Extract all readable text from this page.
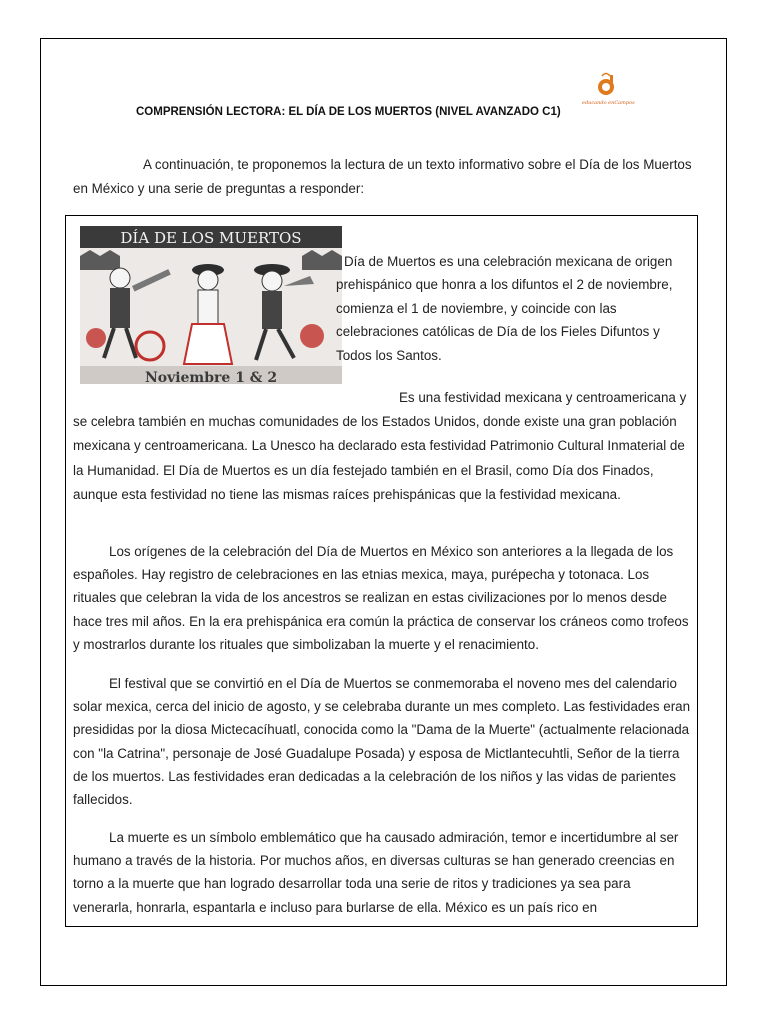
educando enCampos
COMPRENSIÓN LECTORA: EL DÍA DE LOS MUERTOS (NIVEL AVANZADO C1)

A continuación, te proponemos la lectura de un texto informativo sobre el Día de los Muertos en México y una serie de preguntas a responder:

DÍA DE LOS MUERTOS
Noviembre 1 & 2

Día de Muertos es una celebración mexicana de origen prehispánico que honra a los difuntos el 2 de noviembre, comienza el 1 de noviembre, y coincide con las celebraciones católicas de Día de los Fieles Difuntos y Todos los Santos.

Es una festividad mexicana y centroamericana y se celebra también en muchas comunidades de los Estados Unidos, donde existe una gran población mexicana y centroamericana. La Unesco ha declarado esta festividad Patrimonio Cultural Inmaterial de la Humanidad. El Día de Muertos es un día festejado también en el Brasil, como Día dos Finados, aunque esta festividad no tiene las mismas raíces prehispánicas que la festividad mexicana.

Los orígenes de la celebración del Día de Muertos en México son anteriores a la llegada de los españoles. Hay registro de celebraciones en las etnias mexica, maya, purépecha y totonaca. Los rituales que celebran la vida de los ancestros se realizan en estas civilizaciones por lo menos desde hace tres mil años. En la era prehispánica era común la práctica de conservar los cráneos como trofeos y mostrarlos durante los rituales que simbolizaban la muerte y el renacimiento.

El festival que se convirtió en el Día de Muertos se conmemoraba el noveno mes del calendario solar mexica, cerca del inicio de agosto, y se celebraba durante un mes completo. Las festividades eran presididas por la diosa Mictecacíhuatl, conocida como la "Dama de la Muerte" (actualmente relacionada con "la Catrina", personaje de José Guadalupe Posada) y esposa de Mictlantecuhtli, Señor de la tierra de los muertos. Las festividades eran dedicadas a la celebración de los niños y las vidas de parientes fallecidos.

La muerte es un símbolo emblemático que ha causado admiración, temor e incertidumbre al ser humano a través de la historia. Por muchos años, en diversas culturas se han generado creencias en torno a la muerte que han logrado desarrollar toda una serie de ritos y tradiciones ya sea para venerarla, honrarla, espantarla e incluso para burlarse de ella. México es un país rico en
